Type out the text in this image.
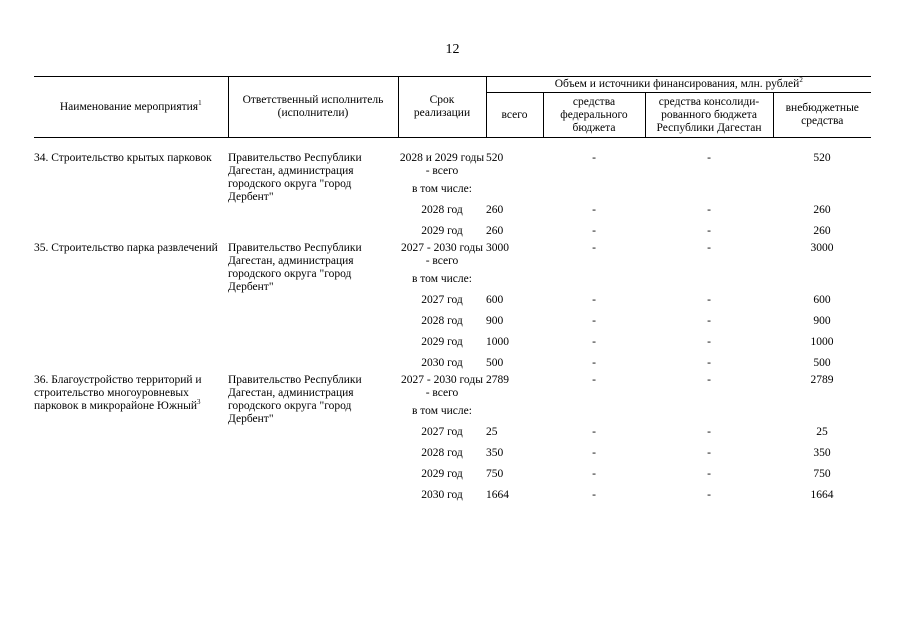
12
Наименование мероприятия$^1$	Ответственный исполнитель (исполнители)	Срок реализации	Объем и источники финансирования, млн. рублей$^2$
			всего	средства федерального бюджета	средства консолиди-рованного бюджета Республики Дагестан	внебюджетные средства

34. Строительство крытых парковок	Правительство Республики Дагестан, администрация городского округа "город Дербент"	2028 и 2029 годы - всего	520	-	-	520
		в том числе:				
		2028 год	260	-	-	260
		2029 год	260	-	-	260
35. Строительство парка развлечений	Правительство Республики Дагестан, администрация городского округа "город Дербент"	2027 - 2030 годы - всего	3000	-	-	3000
		в том числе:				
		2027 год	600	-	-	600
		2028 год	900	-	-	900
		2029 год	1000	-	-	1000
		2030 год	500	-	-	500
36. Благоустройство территорий и строительство многоуровневых парковок в микрорайоне Южный$^3$	Правительство Республики Дагестан, администрация городского округа "город Дербент"	2027 - 2030 годы - всего	2789	-	-	2789
		в том числе:				
		2027 год	25	-	-	25
		2028 год	350	-	-	350
		2029 год	750	-	-	750
		2030 год	1664	-	-	1664
